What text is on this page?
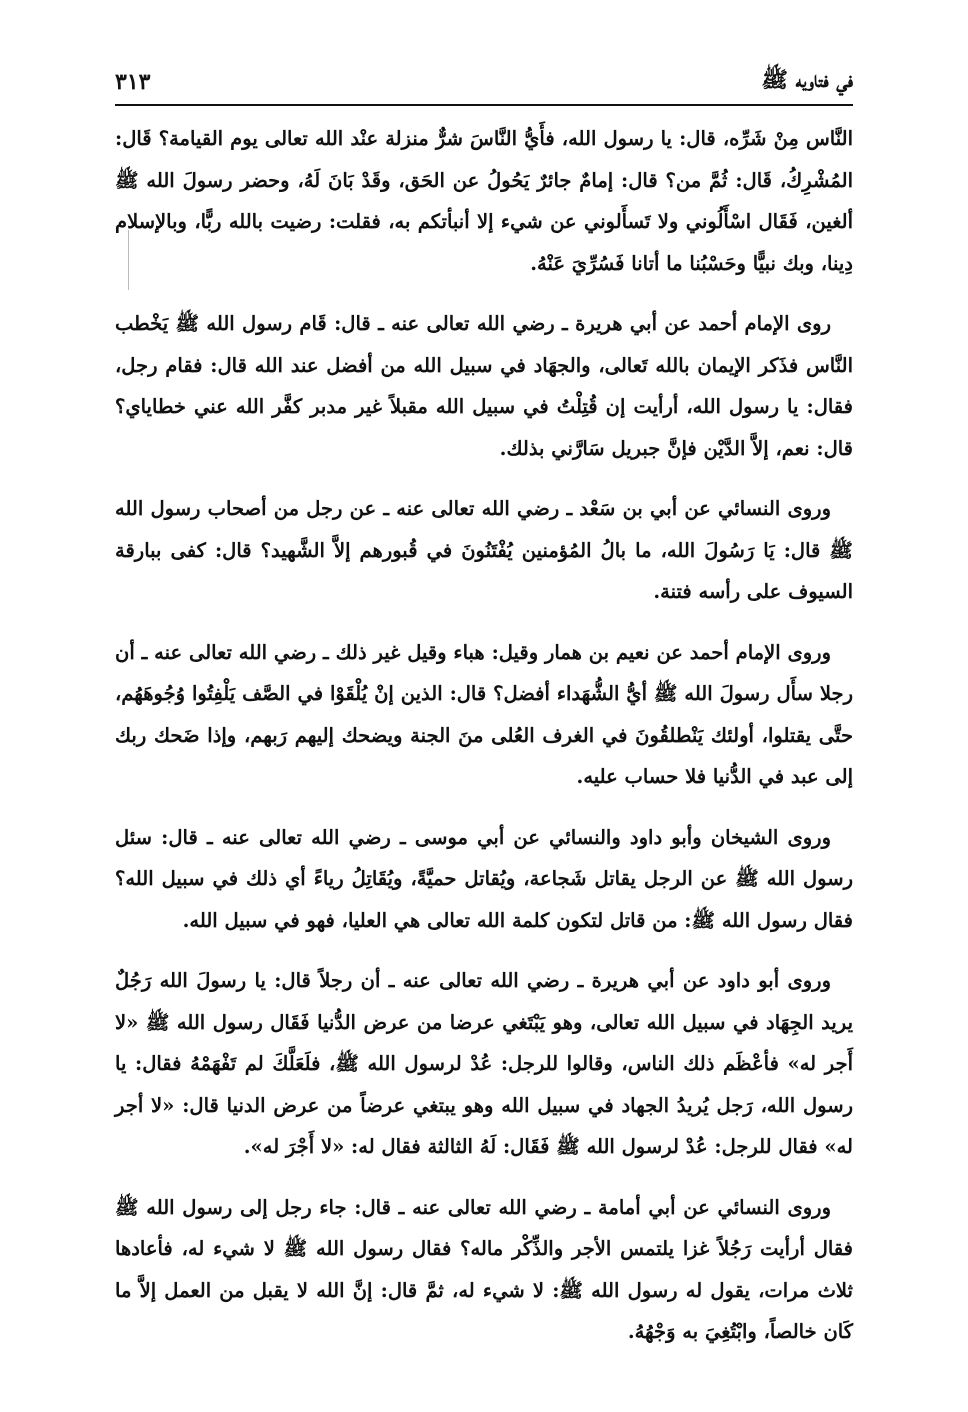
في فتاويه ﷺ
٣١٣

النَّاس مِنْ شَرِّه، قال: يا رسول الله، فأَيُّ النَّاسَ شرٌّ منزلة عنْد الله تعالى يوم القيامة؟ قَال: المُشْرِكُ، قَال: ثُمَّ من؟ قال: إمامٌ جائرٌ يَحُولُ عن الحَق، وقَدْ بَانَ لَهُ، وحضر رسولَ الله ﷺ ألغين، فَقَال اسْأَلُوني ولا تَسأَلوني عن شيء إلا أنبأتكم به، فقلت: رضيت بالله ربًّا، وبالإسلام دِينا، وبك نبيًّا وحَسْبُنا ما أتانا فَسُرِّيَ عَنْهُ.

روى الإمام أحمد عن أبي هريرة ـ رضي الله تعالى عنه ـ قال: قَام رسول الله ﷺ يَخْطب النَّاس فذَكر الإيمان بالله تَعالى، والجهَاد في سبيل الله من أفضل عند الله قال: فقام رجل، فقال: يا رسول الله، أرأيت إن قُتِلْتُ في سبيل الله مقبلاً غير مدبر كفَّر الله عني خطاياي؟ قال: نعم، إلاَّ الدَّيْن فإنَّ جبريل سَارَّني بذلك.

وروى النسائي عن أبي بن سَعْد ـ رضي الله تعالى عنه ـ عن رجل من أصحاب رسول الله ﷺ قال: يَا رَسُولَ الله، ما بالُ المُؤمنين يُفْتَنُونَ في قُبورهم إلاَّ الشَّهيد؟ قال: كفى ببارقة السيوف على رأسه فتنة.

وروى الإمام أحمد عن نعيم بن همار وقيل: هباء وقيل غير ذلك ـ رضي الله تعالى عنه ـ أن رجلا سأَل رسولَ الله ﷺ أيُّ الشُّهَداء أفضل؟ قال: الذين إنْ يُلْقَوْا في الصَّف يَلْفِتُوا وُجُوهَهُم، حتَّى يقتلوا، أولئك يَنْطلقُونَ في الغرف العُلى منَ الجنة ويضحك إليهم رَبهم، وإذا ضَحك ربك إلى عبد في الدُّنيا فلا حساب عليه.

وروى الشيخان وأبو داود والنسائي عن أبي موسى ـ رضي الله تعالى عنه ـ قال: سئل رسول الله ﷺ عن الرجل يقاتل شَجاعة، ويُقاتل حميَّةً، ويُقَاتِلُ رياءً أي ذلك في سبيل الله؟ فقال رسول الله ﷺ: من قاتل لتكون كلمة الله تعالى هي العليا، فهو في سبيل الله.

وروى أبو داود عن أبي هريرة ـ رضي الله تعالى عنه ـ أن رجلاً قال: يا رسولَ الله رَجُلٌ يريد الجِهَاد في سبيل الله تعالى، وهو يَبْتَغي عرضا من عرض الدُّنيا فَقَال رسول الله ﷺ «لا أَجر له» فأعْظَم ذلك الناس، وقالوا للرجل: عُدْ لرسول الله ﷺ، فلَعَلَّكَ لم تَفْهَمْهُ فقال: يا رسول الله، رَجل يُريدُ الجهاد في سبيل الله وهو يبتغي عرضاً من عرض الدنيا قال: «لا أجر له» فقال للرجل: عُدْ لرسول الله ﷺ فَقَال: لَهُ الثالثة فقال له: «لا أَجْرَ له».

وروى النسائي عن أبي أمامة ـ رضي الله تعالى عنه ـ قال: جاء رجل إلى رسول الله ﷺ فقال أرأيت رَجُلاً غزا يلتمس الأجر والذِّكْر ماله؟ فقال رسول الله ﷺ لا شيء له، فأعادها ثلاث مرات، يقول له رسول الله ﷺ: لا شيء له، ثمَّ قال: إنَّ الله لا يقبل من العمل إلاَّ ما كَان خالصاً، وابْتُغِيَ به وَجْهُهُ.
